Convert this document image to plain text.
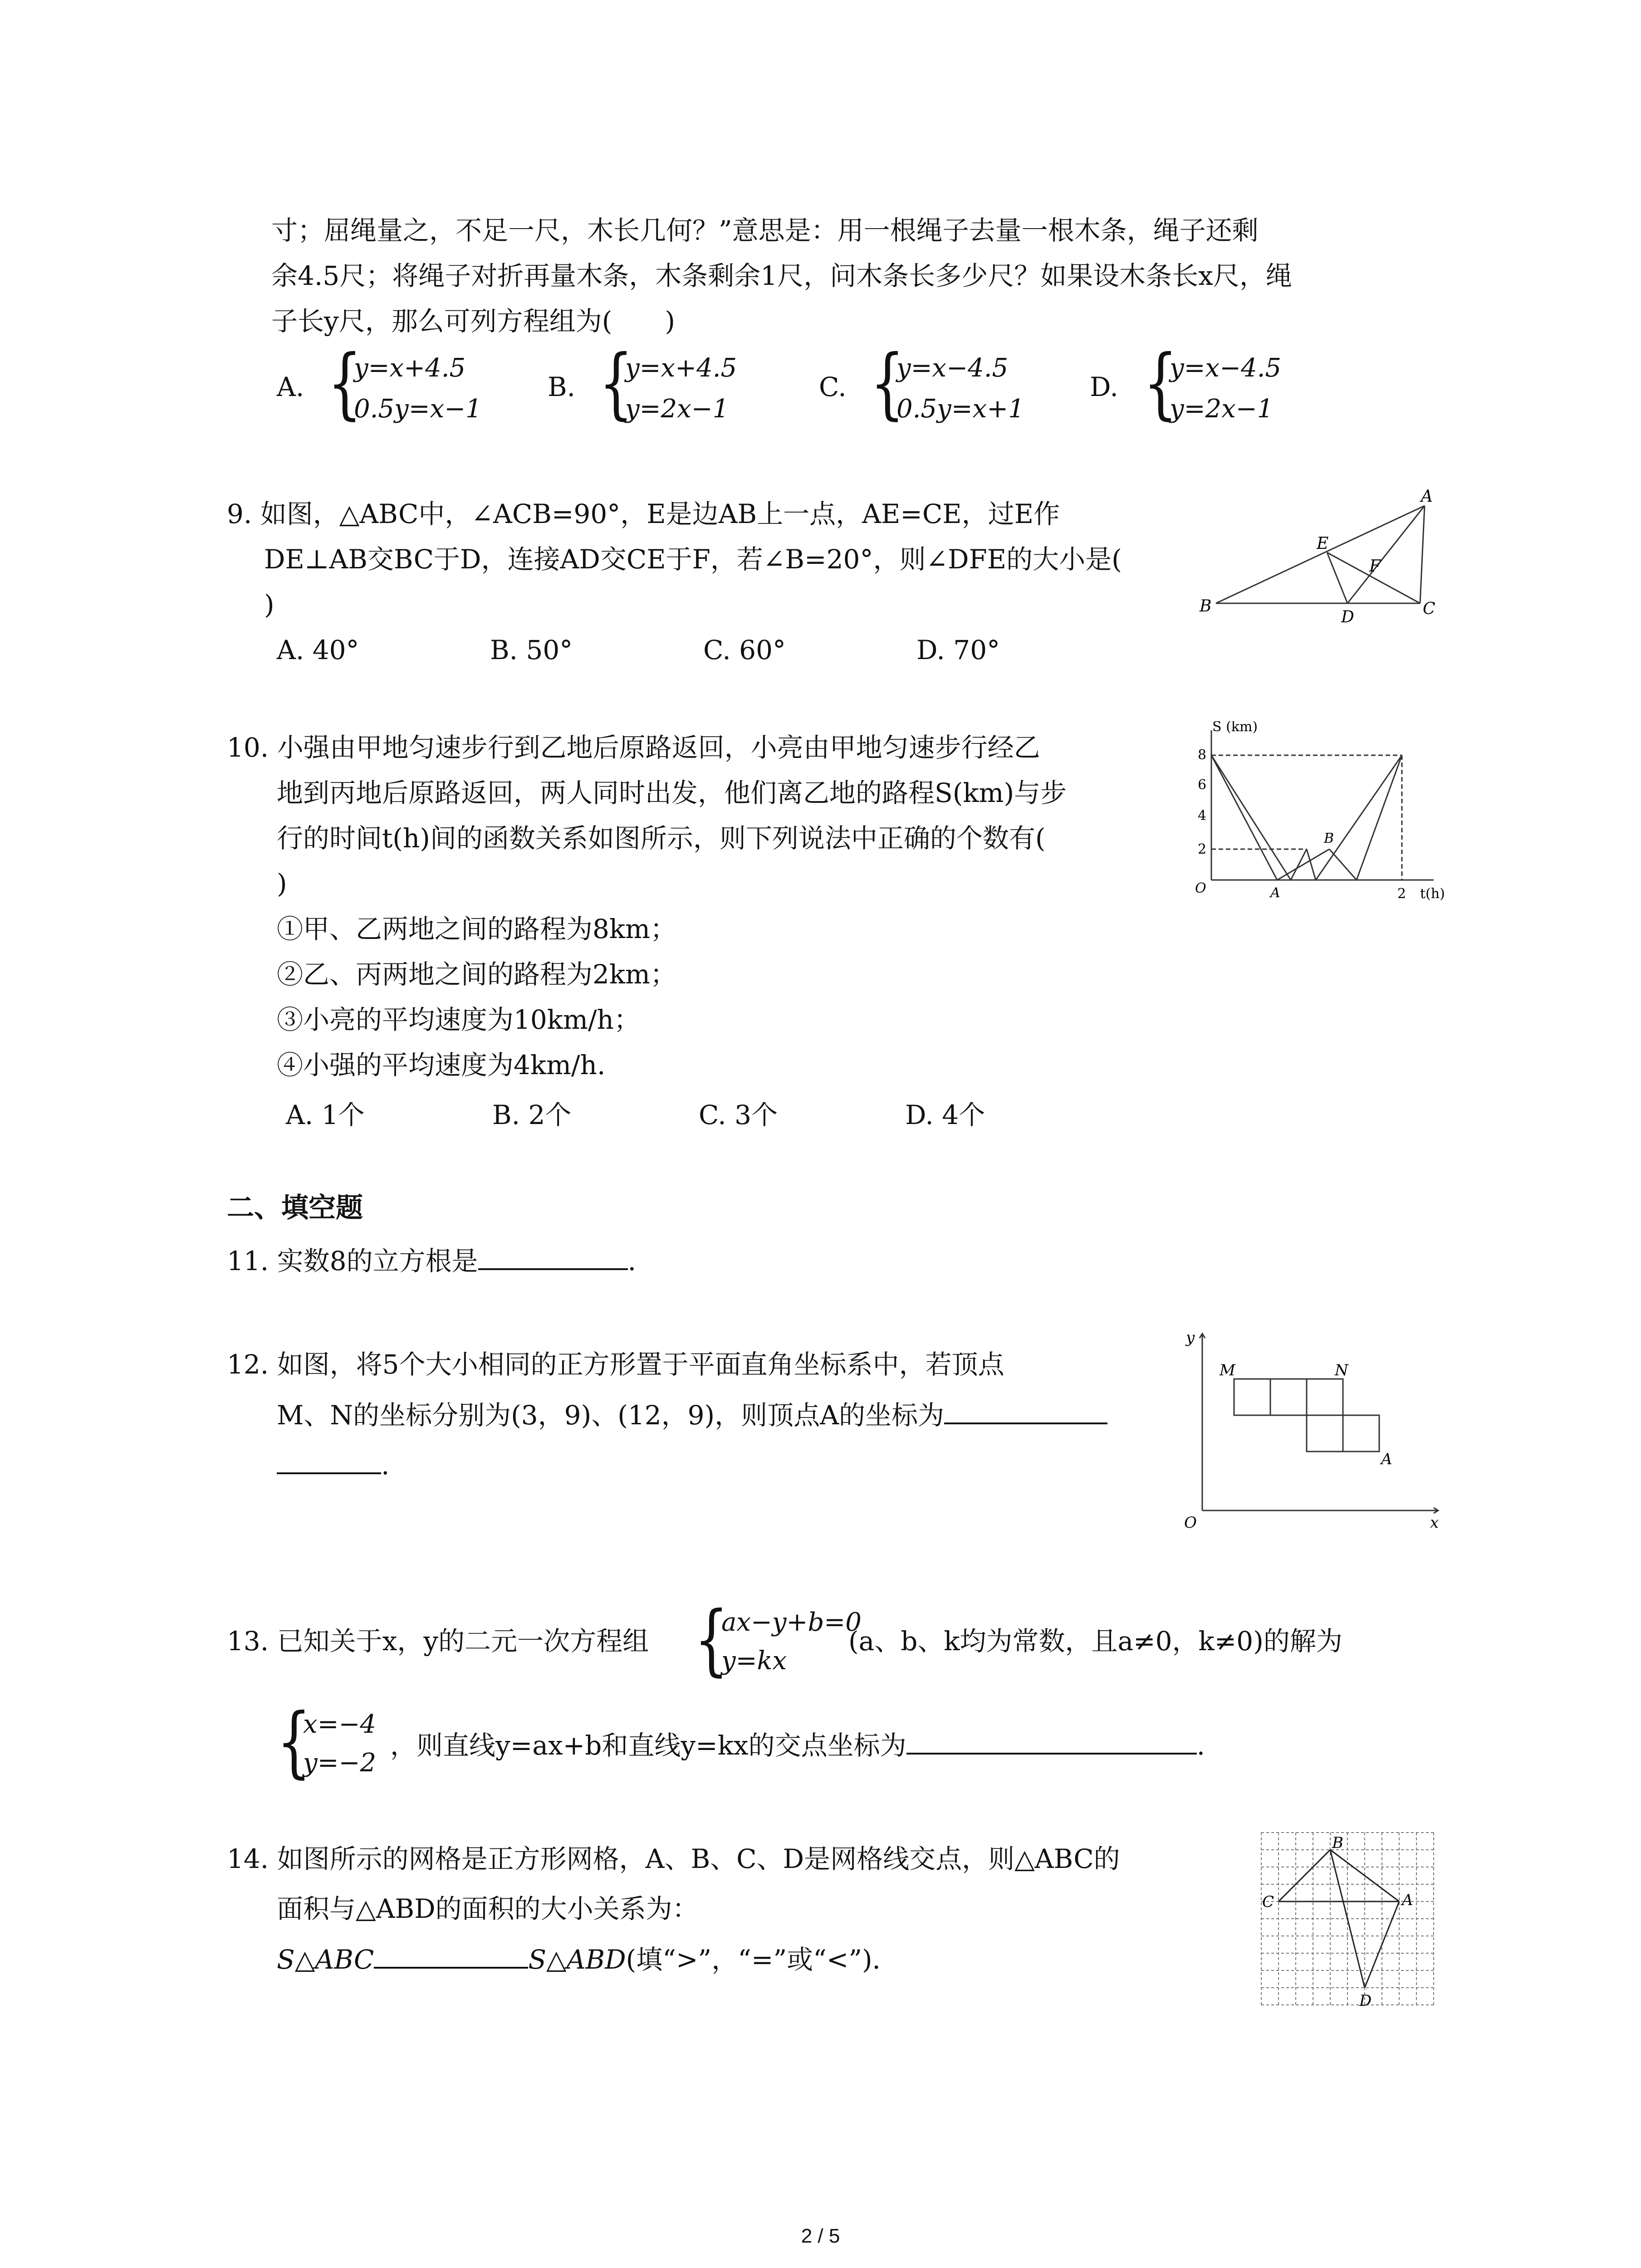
寸；屈绳量之，不足一尺，木长几何？”意思是：用一根绳子去量一根木条，绳子还剩
余4.5尺；将绳子对折再量木条，木条剩余1尺，问木条长多少尺？如果设木条长x尺，绳
子长y尺，那么可列方程组为(　　)
A. {
y=x+4.5
0.5y=x−1
B. {
y=x+4.5
y=2x−1
C. {
y=x−4.5
0.5y=x+1
D. {
y=x−4.5
y=2x−1
9. 如图，△ABC中，∠ACB=90°，E是边AB上一点，AE=CE，过E作
DE⊥AB交BC于D，连接AD交CE于F，若∠B=20°，则∠DFE的大小是(
)
A. 40°	B. 50°	C. 60°	D. 70°
A
E
F
B
D	C
10. 小强由甲地匀速步行到乙地后原路返回，小亮由甲地匀速步行经乙
地到丙地后原路返回，两人同时出发，他们离乙地的路程S(km)与步
行的时间t(h)间的函数关系如图所示，则下列说法中正确的个数有(
)
①甲、乙两地之间的路程为8km；
②乙、丙两地之间的路程为2km；
③小亮的平均速度为10km/h；
④小强的平均速度为4km/h.
A. 1个	B. 2个	C. 3个	D. 4个
S (km)
8
6
4
2
O	A
B
2 t(h)
二、填空题
11. 实数8的立方根是	.
12. 如图，将5个大小相同的正方形置于平面直角坐标系中，若顶点
M、N的坐标分别为(3，9)、(12，9)，则顶点A的坐标为
.
y
x
O
M	N
A
13. 已知关于x，y的二元一次方程组 {
ax−y+b=0
y=kx
(a、b、k均为常数，且a≠0，k≠0)的解为
{
x=−4
y=−2
，则直线y=ax+b和直线y=kx的交点坐标为	.
14. 如图所示的网格是正方形网格，A、B、C、D是网格线交点，则△ABC的
面积与△ABD的面积的大小关系为：
S△ABC	S△ABD(填“>”，“=”或“<”)．
B
C	A
D
2 / 5
